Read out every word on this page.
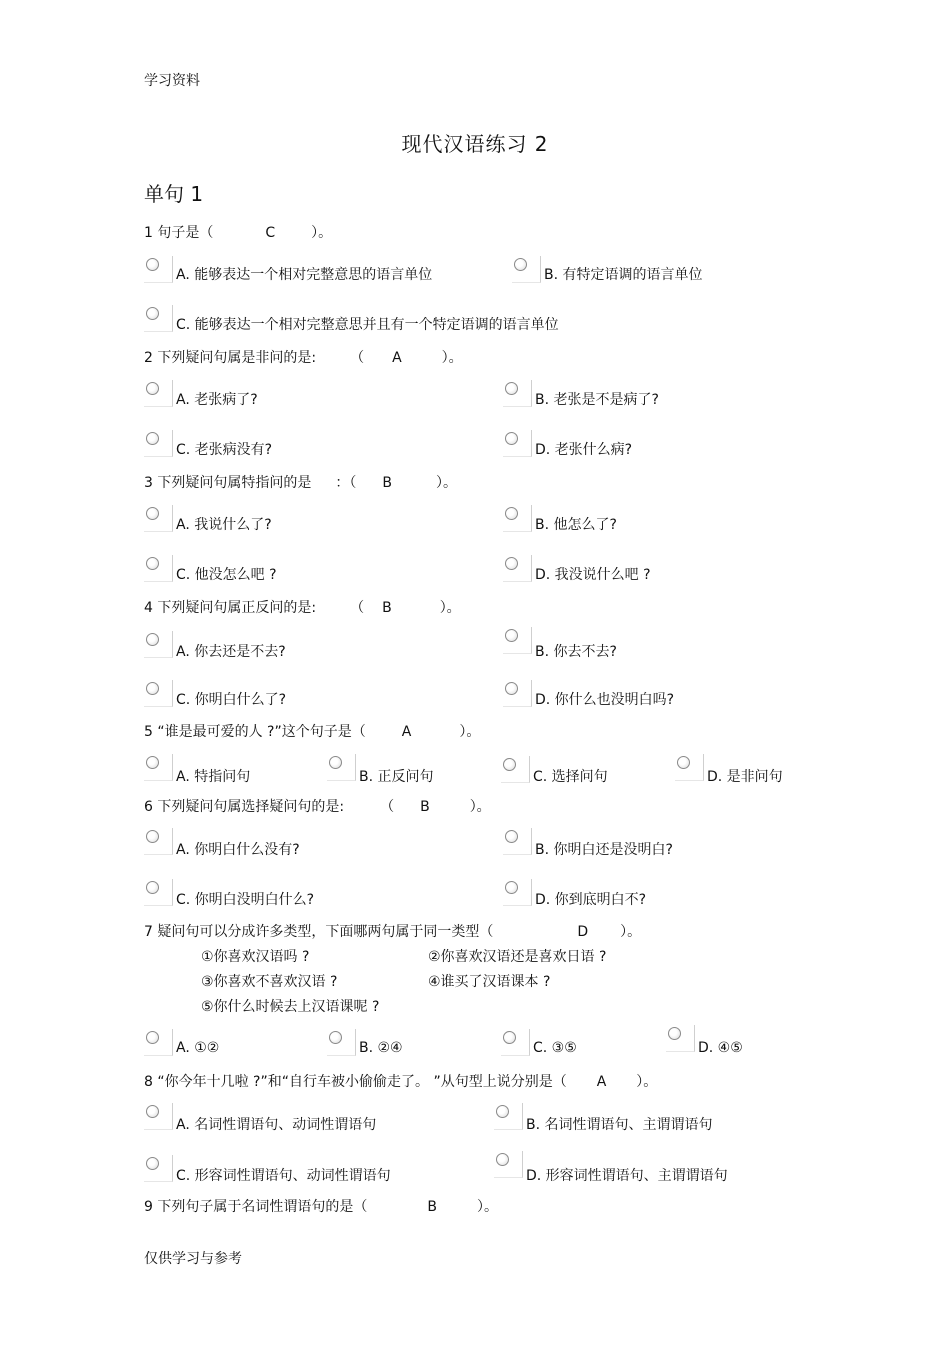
学习资料
现代汉语练习 2
单句 1
1 句子是（	C	）。
A. 能够表达一个相对完整意思的语言单位	B. 有特定语调的语言单位
C. 能够表达一个相对完整意思并且有一个特定语调的语言单位
2 下列疑问句属是非问的是: （ A	）。
A. 老张病了?	B. 老张是不是病了?
C. 老张病没有?	D. 老张什么病?
3 下列疑问句属特指问的是 ：（ B	）。
A. 我说什么了?	B. 他怎么了?
C. 他没怎么吧 ?	D. 我没说什么吧 ?
4 下列疑问句属正反问的是: （ B	）。
A. 你去还是不去?	B. 你去不去?
C. 你明白什么了?	D. 你什么也没明白吗?
5 “谁是最可爱的人 ?”这个句子是（	A	）。
A. 特指问句	B. 正反问句	C. 选择问句	D. 是非问句
6 下列疑问句属选择疑问句的是:	（ B	）。
A. 你明白什么没有?	B. 你明白还是没明白?
C. 你明白没明白什么?	D. 你到底明白不?
7 疑问句可以分成许多类型，下面哪两句属于同一类型（	D ）。
①你喜欢汉语吗 ?	②你喜欢汉语还是喜欢日语 ?
③你喜欢不喜欢汉语 ?	④谁买了汉语课本 ?
⑤你什么时候去上汉语课呢 ?
A. ①②	B. ②④	C. ③⑤	D. ④⑤
8 “你今年十几啦 ?”和“自行车被小偷偷走了。 ”从句型上说分别是（ A ）。
A. 名词性谓语句、动词性谓语句	B. 名词性谓语句、主谓谓语句
C. 形容词性谓语句、动词性谓语句	D. 形容词性谓语句、主谓谓语句
9 下列句子属于名词性谓语句的是（	B	）。
仅供学习与参考
